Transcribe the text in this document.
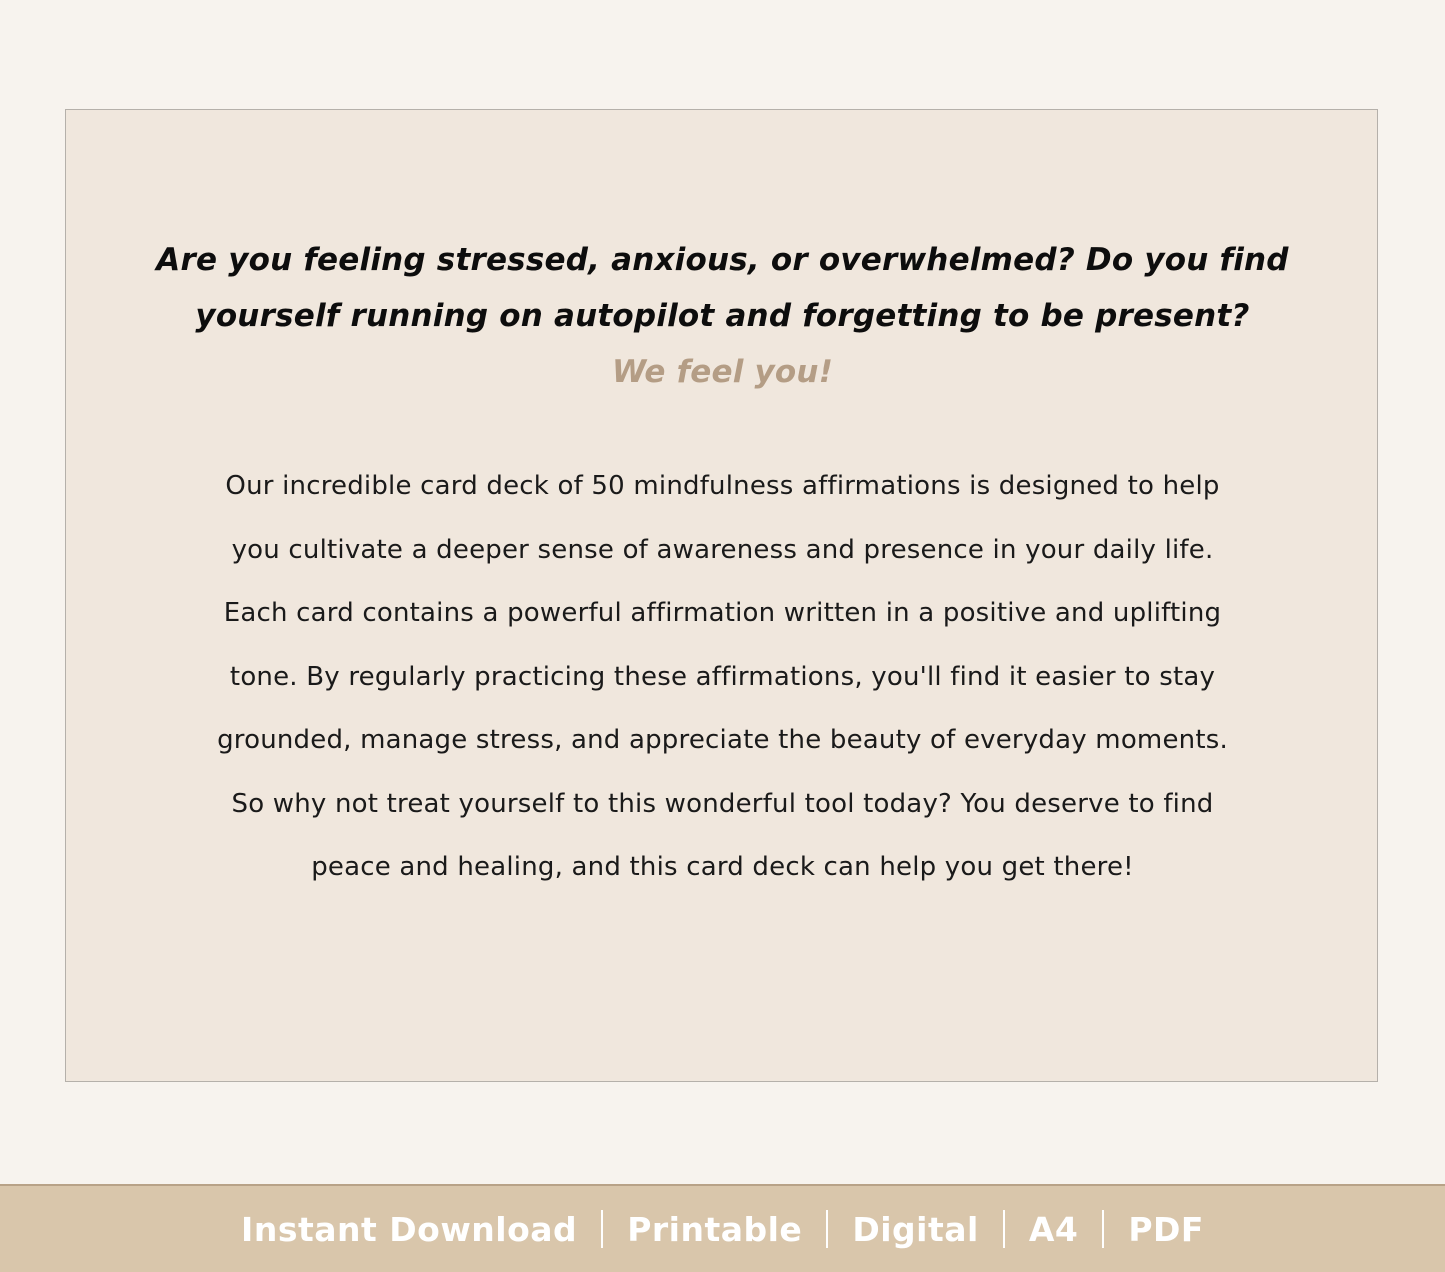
Are you feeling stressed, anxious, or overwhelmed? Do you find
yourself running on autopilot and forgetting to be present?
We feel you!
Our incredible card deck of 50 mindfulness affirmations is designed to help
you cultivate a deeper sense of awareness and presence in your daily life.
Each card contains a powerful affirmation written in a positive and uplifting
tone. By regularly practicing these affirmations, you'll find it easier to stay
grounded, manage stress, and appreciate the beauty of everyday moments.
So why not treat yourself to this wonderful tool today? You deserve to find
peace and healing, and this card deck can help you get there!
Instant Download	Printable	Digital	A4	PDF
